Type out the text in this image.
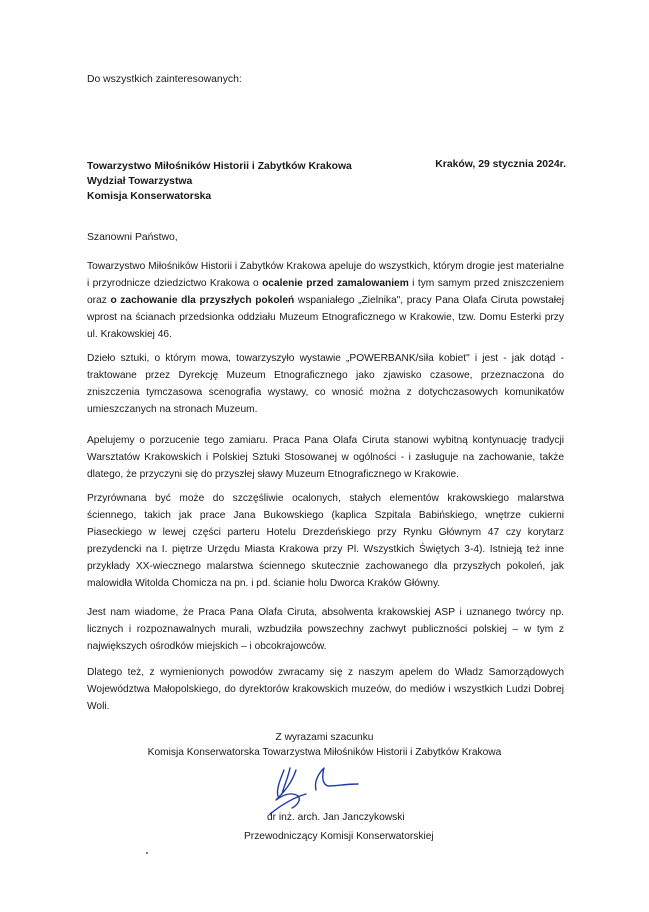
Do wszystkich zainteresowanych:
Towarzystwo Miłośników Historii i Zabytków Krakowa
Wydział Towarzystwa
Komisja Konserwatorska
Kraków, 29 stycznia 2024r.
Szanowni Państwo,

Towarzystwo Miłośników Historii i Zabytków Krakowa apeluje do wszystkich, którym drogie jest materialne i przyrodnicze dziedzictwo Krakowa o ocalenie przed zamalowaniem i tym samym przed zniszczeniem oraz o zachowanie dla przyszłych pokoleń wspaniałego „Zielnika", pracy Pana Olafa Ciruta powstałej wprost na ścianach przedsionka oddziału Muzeum Etnograficznego w Krakowie, tzw. Domu Esterki przy ul. Krakowskiej 46.

Dzieło sztuki, o którym mowa, towarzyszyło wystawie „POWERBANK/siła kobiet" i jest - jak dotąd - traktowane przez Dyrekcję Muzeum Etnograficznego jako zjawisko czasowe, przeznaczona do zniszczenia tymczasowa scenografia wystawy, co wnosić można z dotychczasowych komunikatów umieszczanych na stronach Muzeum.

Apelujemy o porzucenie tego zamiaru. Praca Pana Olafa Ciruta stanowi wybitną kontynuację tradycji Warsztatów Krakowskich i Polskiej Sztuki Stosowanej w ogólności - i zasługuje na zachowanie, także dlatego, że przyczyni się do przyszłej sławy Muzeum Etnograficznego w Krakowie.

Przyrównana być może do szczęśliwie ocalonych, stałych elementów krakowskiego malarstwa ściennego, takich jak prace Jana Bukowskiego (kaplica Szpitala Babińskiego, wnętrze cukierni Piaseckiego w lewej części parteru Hotelu Drezdeńskiego przy Rynku Głównym 47 czy korytarz prezydencki na I. piętrze Urzędu Miasta Krakowa przy Pl. Wszystkich Świętych 3-4). Istnieją też inne przykłady XX-wiecznego malarstwa ściennego skutecznie zachowanego dla przyszłych pokoleń, jak malowidła Witolda Chomicza na pn. i pd. ścianie holu Dworca Kraków Główny.

Jest nam wiadome, że Praca Pana Olafa Ciruta, absolwenta krakowskiej ASP i uznanego twórcy np. licznych i rozpoznawalnych murali, wzbudziła powszechny zachwyt publiczności polskiej – w tym z największych ośrodków miejskich – i obcokrajowców.

Dlatego też, z wymienionych powodów zwracamy się z naszym apelem do Władz Samorządowych Województwa Małopolskiego, do dyrektorów krakowskich muzeów, do mediów i wszystkich Ludzi Dobrej Woli.

Z wyrazami szacunku
Komisja Konserwatorska Towarzystwa Miłośników Historii i Zabytków Krakowa
dr inż. arch. Jan Janczykowski
Przewodniczący Komisji Konserwatorskiej
